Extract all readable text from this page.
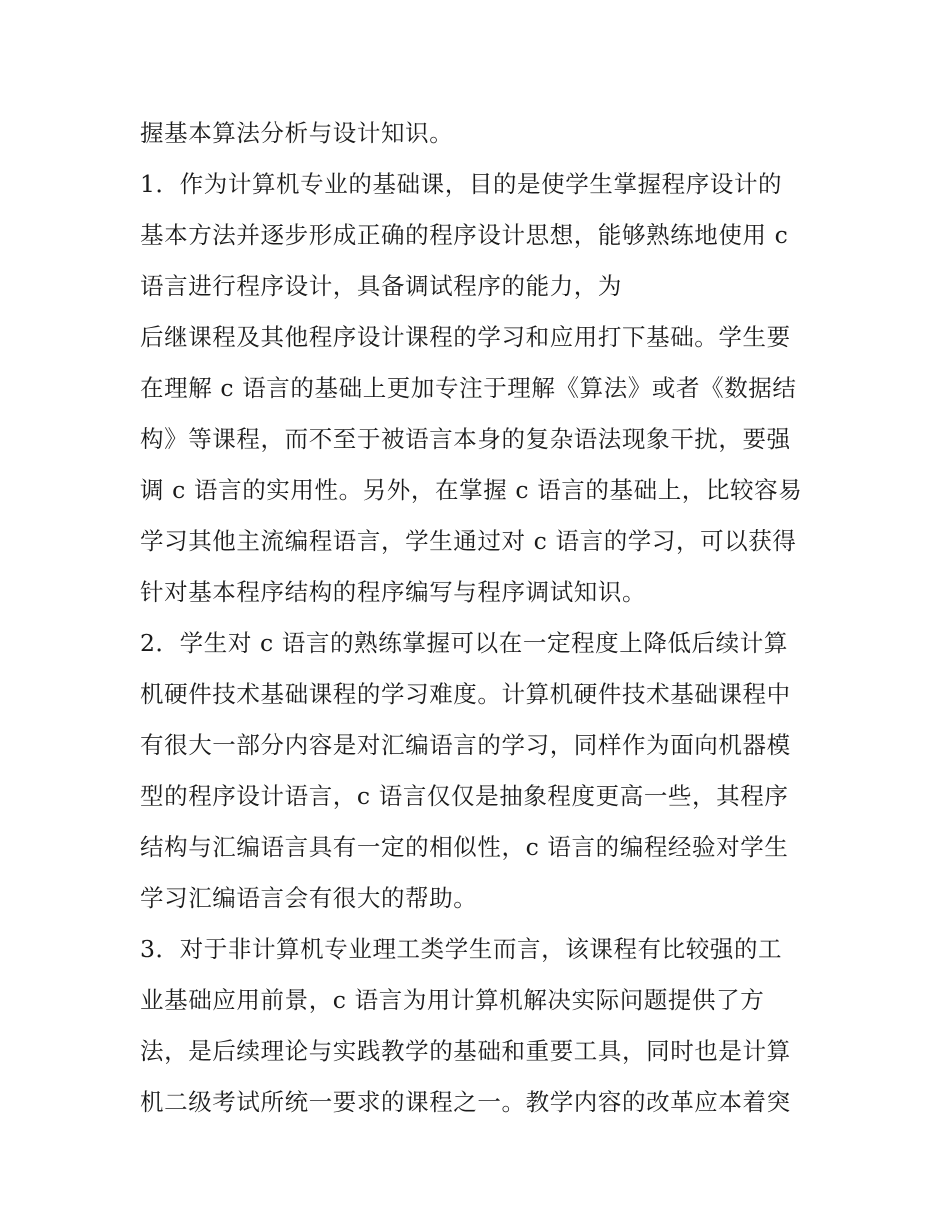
握基本算法分析与设计知识。
1．作为计算机专业的基础课，目的是使学生掌握程序设计的
基本方法并逐步形成正确的程序设计思想，能够熟练地使用 c
语言进行程序设计，具备调试程序的能力，为
后继课程及其他程序设计课程的学习和应用打下基础。学生要
在理解 c 语言的基础上更加专注于理解《算法》或者《数据结
构》等课程，而不至于被语言本身的复杂语法现象干扰，要强
调 c 语言的实用性。另外，在掌握 c 语言的基础上，比较容易
学习其他主流编程语言，学生通过对 c 语言的学习，可以获得
针对基本程序结构的程序编写与程序调试知识。
2．学生对 c 语言的熟练掌握可以在一定程度上降低后续计算
机硬件技术基础课程的学习难度。计算机硬件技术基础课程中
有很大一部分内容是对汇编语言的学习，同样作为面向机器模
型的程序设计语言，c 语言仅仅是抽象程度更高一些，其程序
结构与汇编语言具有一定的相似性，c 语言的编程经验对学生
学习汇编语言会有很大的帮助。
3．对于非计算机专业理工类学生而言，该课程有比较强的工
业基础应用前景，c 语言为用计算机解决实际问题提供了方
法，是后续理论与实践教学的基础和重要工具，同时也是计算
机二级考试所统一要求的课程之一。教学内容的改革应本着突
